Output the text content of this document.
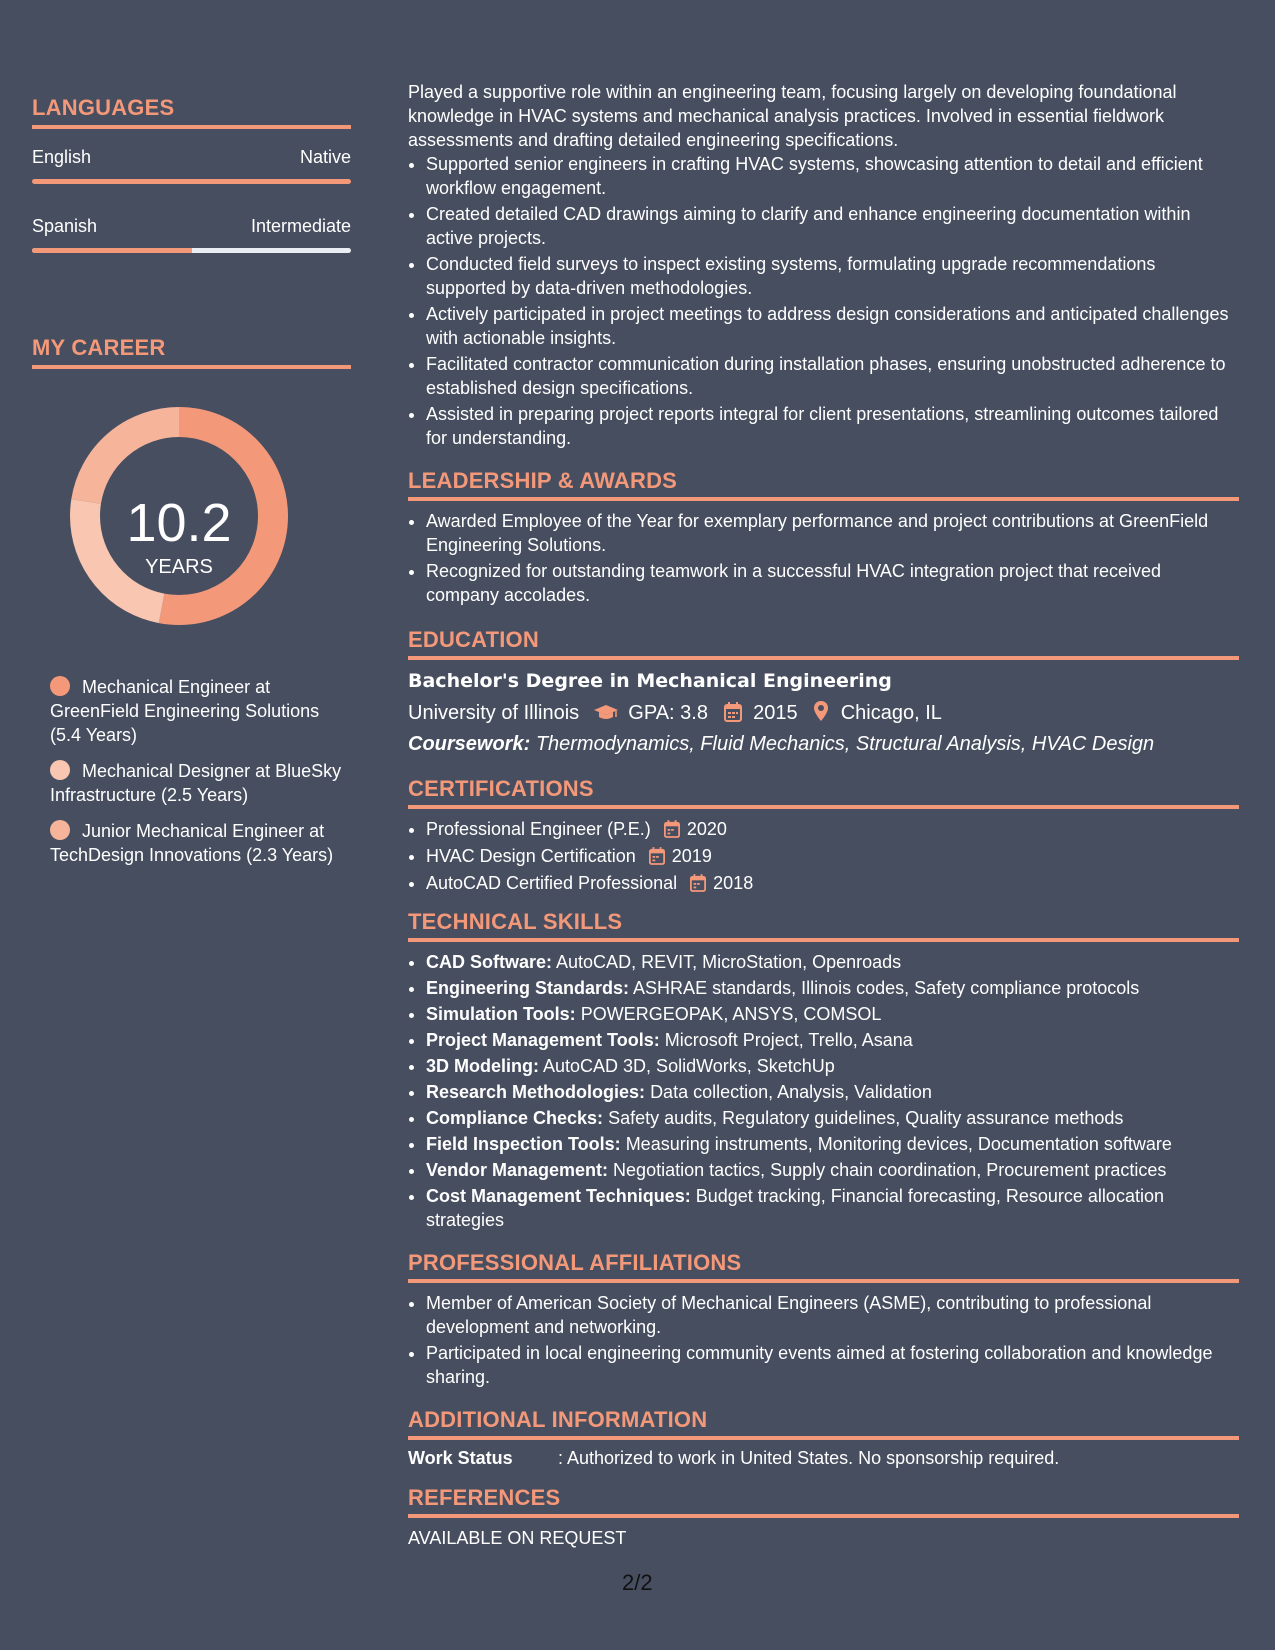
LANGUAGES
English	Native
Spanish	Intermediate
MY CAREER
10.2
YEARS
Mechanical Engineer at GreenField Engineering Solutions (5.4 Years)
Mechanical Designer at BlueSky Infrastructure (2.5 Years)
Junior Mechanical Engineer at TechDesign Innovations (2.3 Years)

Played a supportive role within an engineering team, focusing largely on developing foundational knowledge in HVAC systems and mechanical analysis practices. Involved in essential fieldwork assessments and drafting detailed engineering specifications.

• Supported senior engineers in crafting HVAC systems, showcasing attention to detail and efficient workflow engagement.
• Created detailed CAD drawings aiming to clarify and enhance engineering documentation within active projects.
• Conducted field surveys to inspect existing systems, formulating upgrade recommendations supported by data-driven methodologies.
• Actively participated in project meetings to address design considerations and anticipated challenges with actionable insights.
• Facilitated contractor communication during installation phases, ensuring unobstructed adherence to established design specifications.
• Assisted in preparing project reports integral for client presentations, streamlining outcomes tailored for understanding.
LEADERSHIP & AWARDS
• Awarded Employee of the Year for exemplary performance and project contributions at GreenField Engineering Solutions.
• Recognized for outstanding teamwork in a successful HVAC integration project that received company accolades.
EDUCATION
Bachelor's Degree in Mechanical Engineering
University of Illinois GPA: 3.8 2015 Chicago, IL
Coursework: Thermodynamics, Fluid Mechanics, Structural Analysis, HVAC Design
CERTIFICATIONS
• Professional Engineer (P.E.) 2020
• HVAC Design Certification 2019
• AutoCAD Certified Professional 2018
TECHNICAL SKILLS
• CAD Software: AutoCAD, REVIT, MicroStation, Openroads
• Engineering Standards: ASHRAE standards, Illinois codes, Safety compliance protocols
• Simulation Tools: POWERGEOPAK, ANSYS, COMSOL
• Project Management Tools: Microsoft Project, Trello, Asana
• 3D Modeling: AutoCAD 3D, SolidWorks, SketchUp
• Research Methodologies: Data collection, Analysis, Validation
• Compliance Checks: Safety audits, Regulatory guidelines, Quality assurance methods
• Field Inspection Tools: Measuring instruments, Monitoring devices, Documentation software
• Vendor Management: Negotiation tactics, Supply chain coordination, Procurement practices
• Cost Management Techniques: Budget tracking, Financial forecasting, Resource allocation strategies
PROFESSIONAL AFFILIATIONS
• Member of American Society of Mechanical Engineers (ASME), contributing to professional development and networking.
• Participated in local engineering community events aimed at fostering collaboration and knowledge sharing.
ADDITIONAL INFORMATION
Work Status	: Authorized to work in United States. No sponsorship required.
REFERENCES
AVAILABLE ON REQUEST
2/2
